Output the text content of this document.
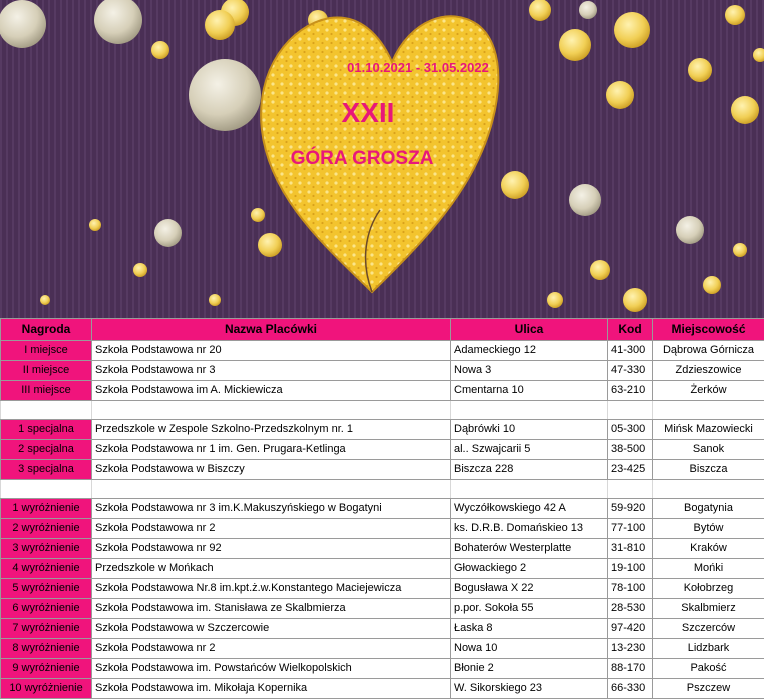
01.10.2021 - 31.05.2022
XXII
GÓRA GROSZA
Nagroda	Nazwa Placówki	Ulica	Kod	Miejscowość
I miejsce	Szkoła Podstawowa nr 20	Adameckiego 12	41-300	Dąbrowa Górnicza
II miejsce	Szkoła Podstawowa nr 3	Nowa 3	47-330	Zdzieszowice
III miejsce	Szkoła Podstawowa im A. Mickiewicza	Cmentarna 10	63-210	Żerków

1 specjalna	Przedszkole w Zespole Szkolno-Przedszkolnym nr. 1	Dąbrówki 10	05-300	Mińsk Mazowiecki
2 specjalna	Szkoła Podstawowa nr 1 im. Gen. Prugara-Ketlinga	al.. Szwajcarii 5	38-500	Sanok
3 specjalna	Szkoła Podstawowa w Biszczy	Biszcza 228	23-425	Biszcza

1 wyróżnienie	Szkoła Podstawowa nr 3 im.K.Makuszyńskiego w Bogatyni	Wyczółkowskiego 42 A	59-920	Bogatynia
2 wyróżnienie	Szkoła Podstawowa nr 2	ks. D.R.B. Domańskieo 13	77-100	Bytów
3 wyróżnienie	Szkoła Podstawowa nr 92	Bohaterów Westerplatte	31-810	Kraków
4 wyróżnienie	Przedszkole w Mońkach	Głowackiego 2	19-100	Mońki
5 wyróżnienie	Szkoła Podstawowa Nr.8 im.kpt.ż.w.Konstantego Maciejewicza	Bogusława X 22	78-100	Kołobrzeg
6 wyróżnienie	Szkoła Podstawowa im. Stanisława ze Skalbmierza	p.por. Sokoła 55	28-530	Skalbmierz
7 wyróżnienie	Szkoła Podstawowa w Szczercowie	Łaska 8	97-420	Szczerców
8 wyróżnienie	Szkoła Podstawowa nr 2	Nowa 10	13-230	Lidzbark
9 wyróżnienie	Szkoła Podstawowa im. Powstańców Wielkopolskich	Błonie 2	88-170	Pakość
10 wyróżnienie	Szkoła Podstawowa im. Mikołaja Kopernika	W. Sikorskiego 23	66-330	Pszczew
